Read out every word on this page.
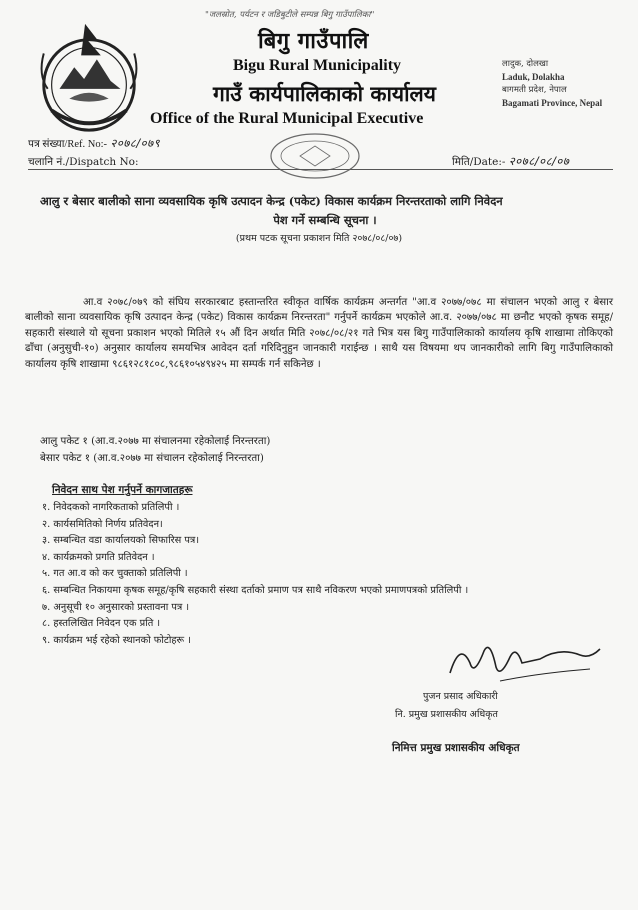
"जलस्रोत, पर्यटन र जडिबुटीले सम्पन्न बिगु गाउँपालिका"
बिगु गाउँपालि
Bigu Rural Municipality
गाउँ कार्यपालिकाको कार्यालय
Office of the Rural Municipal Executive
लादुक, दोलखा
Laduk, Dolakha
बागमती प्रदेश, नेपाल
Bagamati Province, Nepal
पत्र संख्या/Ref. No:- २०७८/०७९
चलानि नं./Dispatch No:	मिति/Date:- २०७८/०८/०७
आलु र बेसार बालीको साना व्यवसायिक कृषि उत्पादन केन्द्र (पकेट) विकास कार्यक्रम निरन्तरताको लागि निवेदन
पेश गर्ने सम्बन्धि सूचना ।
(प्रथम पटक सूचना प्रकाशन मिति २०७८/०८/०७)
आ.व २०७८/०७९ को संघिय सरकारबाट हस्तान्तरित स्वीकृत वार्षिक कार्यक्रम अन्तर्गत "आ.व २०७७/०७८ मा संचालन भएको आलु र बेसार बालीको साना व्यवसायिक कृषि उत्पादन केन्द्र (पकेट) विकास कार्यक्रम निरन्तरता" गर्नुपर्ने कार्यक्रम भएकोले आ.व. २०७७/०७८ मा छनौट भएको कृषक समूह/सहकारी संस्थाले यो सूचना प्रकाशन भएको मितिले १५ औं दिन अर्थात मिति २०७८/०८/२१ गते भित्र यस बिगु गाउँपालिकाको कार्यालय कृषि शाखामा तोकिएको ढाँचा (अनुसुची-१०) अनुसार कार्यालय समयभित्र आवेदन दर्ता गरिदिनुहुन जानकारी गराईन्छ । साथै यस विषयमा थप जानकारीको लागि बिगु गाउँपालिकाको कार्यालय कृषि शाखामा ९८६१२८१८०८,९८६१०५४९४२५ मा सम्पर्क गर्न सकिनेछ ।
आलु पकेट १ (आ.व.२०७७ मा संचालनमा रहेकोलाई निरन्तरता)
बेसार पकेट १ (आ.व.२०७७ मा संचालन रहेकोलाई निरन्तरता)
निवेदन साथ पेश गर्नुपर्ने कागजातहरू
१. निवेदकको नागरिकताको प्रतिलिपी ।
२. कार्यसमितिको निर्णय प्रतिवेदन।
३. सम्बन्धित वडा कार्यालयको सिफारिस पत्र।
४. कार्यक्रमको प्रगति प्रतिवेदन ।
५. गत आ.व को कर चुक्ताको प्रतिलिपी ।
६. सम्बन्धित निकायमा कृषक समूह/कृषि सहकारी संस्था दर्ताको प्रमाण पत्र साथै नविकरण भएको प्रमाणपत्रको प्रतिलिपी ।
७. अनुसूची १० अनुसारको प्रस्तावना पत्र ।
८. हस्तलिखित निवेदन एक प्रति ।
९. कार्यक्रम भई रहेको स्थानको फोटोहरू ।
पुजन प्रसाद अधिकारी
नि. प्रमुख प्रशासकीय अधिकृत
निमित्त प्रमुख प्रशासकीय अधिकृत
